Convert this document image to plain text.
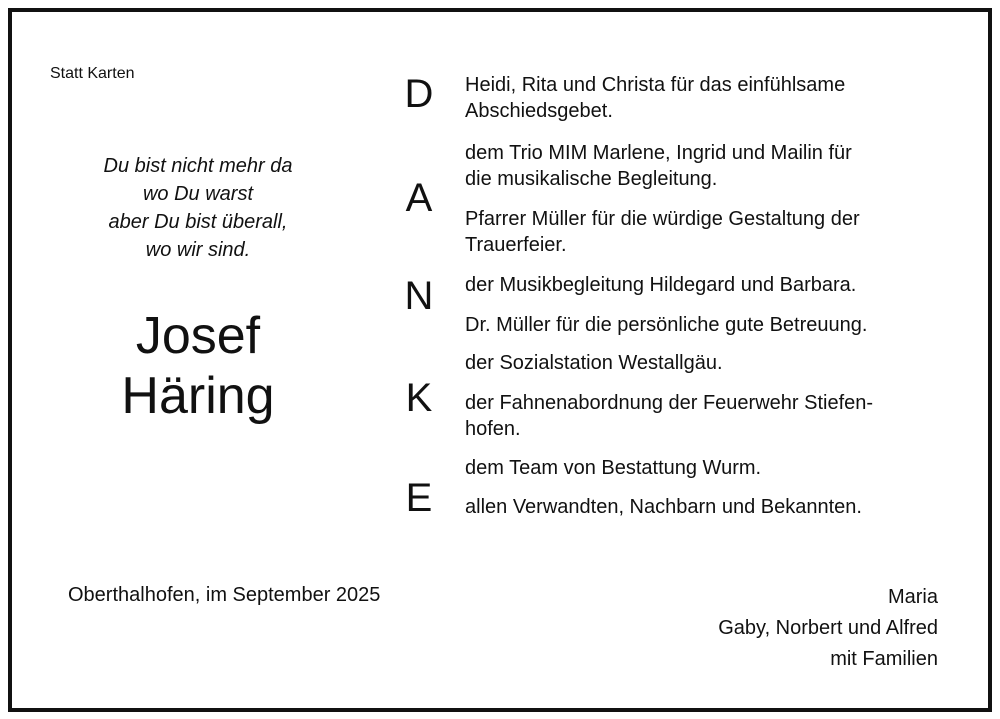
Statt Karten
Du bist nicht mehr da
wo Du warst
aber Du bist überall,
wo wir sind.
Josef
Häring
D
A
N
K
E
Heidi, Rita und Christa für das einfühlsame
Abschiedsgebet.
dem Trio MIM Marlene, Ingrid und Mailin für
die musikalische Begleitung.
Pfarrer Müller für die würdige Gestaltung der
Trauerfeier.
der Musikbegleitung Hildegard und Barbara.
Dr. Müller für die persönliche gute Betreuung.
der Sozialstation Westallgäu.
der Fahnenabordnung der Feuerwehr Stiefen-
hofen.
dem Team von Bestattung Wurm.
allen Verwandten, Nachbarn und Bekannten.
Oberthalhofen, im September 2025	Maria
Gaby, Norbert und Alfred
mit Familien
